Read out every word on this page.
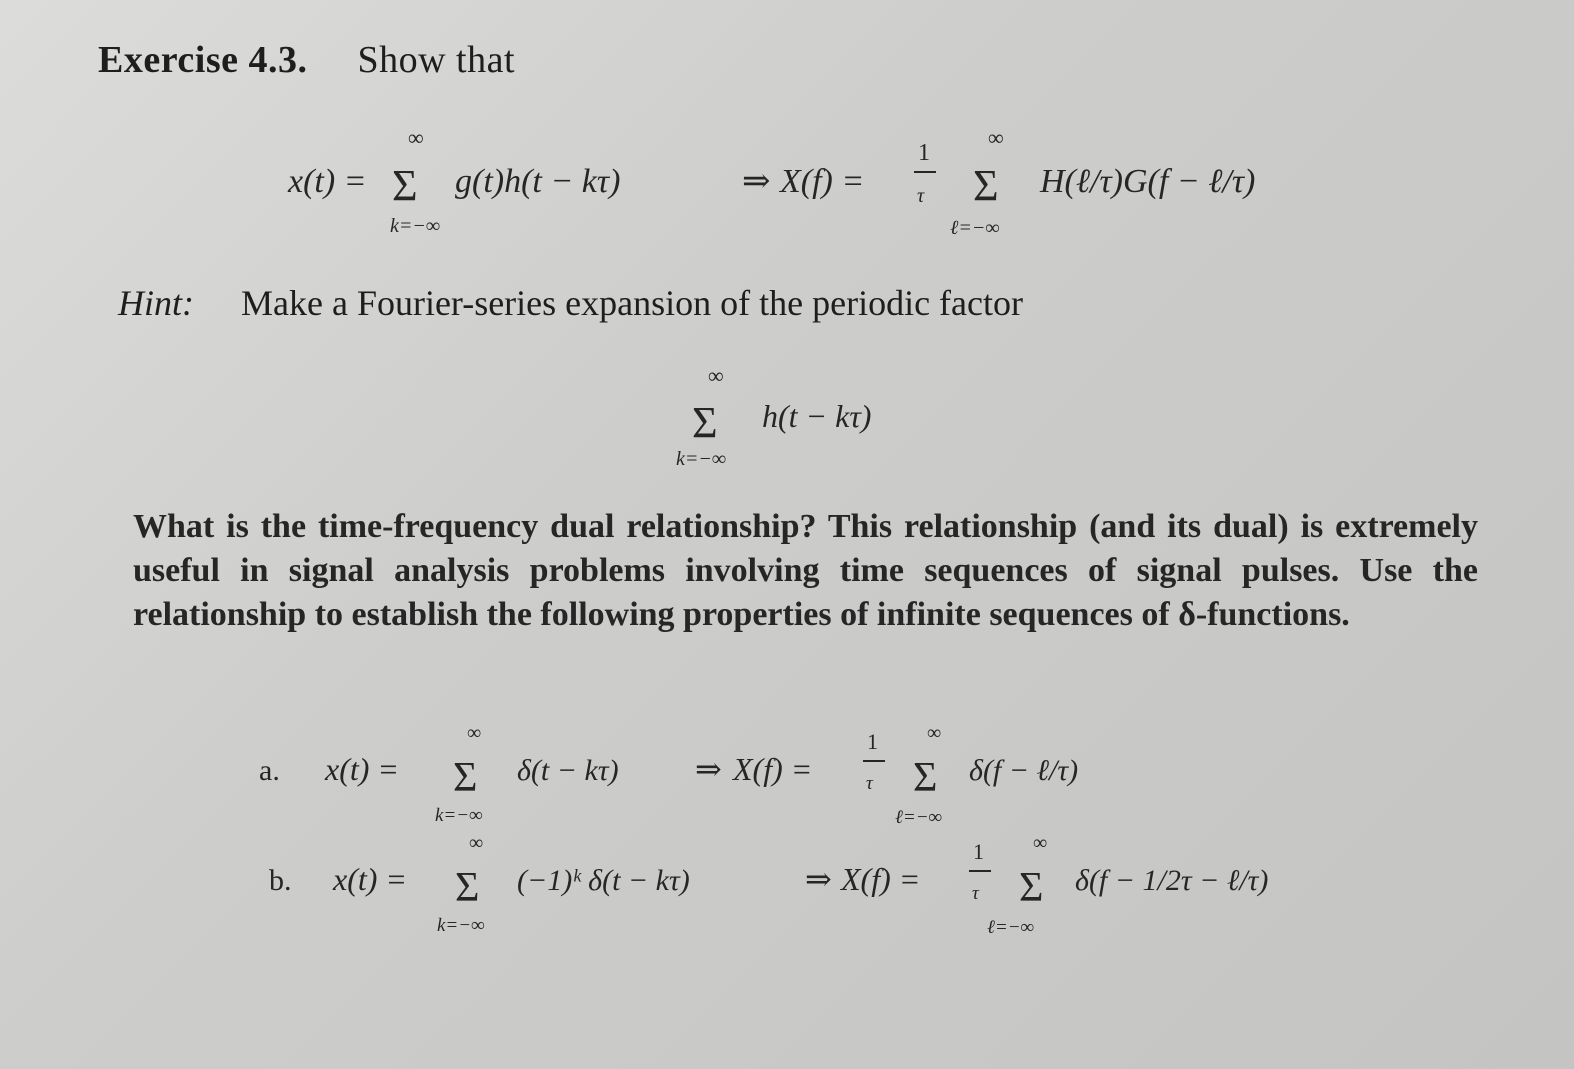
Exercise 4.3. Show that
x(t) =
∞
Σ
k=−∞
g(t)h(t − kτ)	⇒ X(f) =
1
τ
∞
Σ
ℓ=−∞
H(ℓ/τ)G(f − ℓ/τ)
Hint: Make a Fourier-series expansion of the periodic factor
∞
Σ
k=−∞
h(t − kτ)
What is the time-frequency dual relationship? This relationship (and its dual) is extremely useful in signal analysis problems involving time sequences of signal pulses. Use the relationship to establish the following properties of infinite sequences of δ-functions.
a. x(t) =
∞
Σ
k=−∞
δ(t − kτ) ⇒ X(f) =
1
τ
∞
Σ
ℓ=−∞
δ(f − ℓ/τ)
b. x(t) =
∞
Σ
k=−∞
(−1)ᵏ δ(t − kτ)	⇒ X(f) =
1
τ
∞
Σ
ℓ=−∞
δ(f − 1/2τ − ℓ/τ)
